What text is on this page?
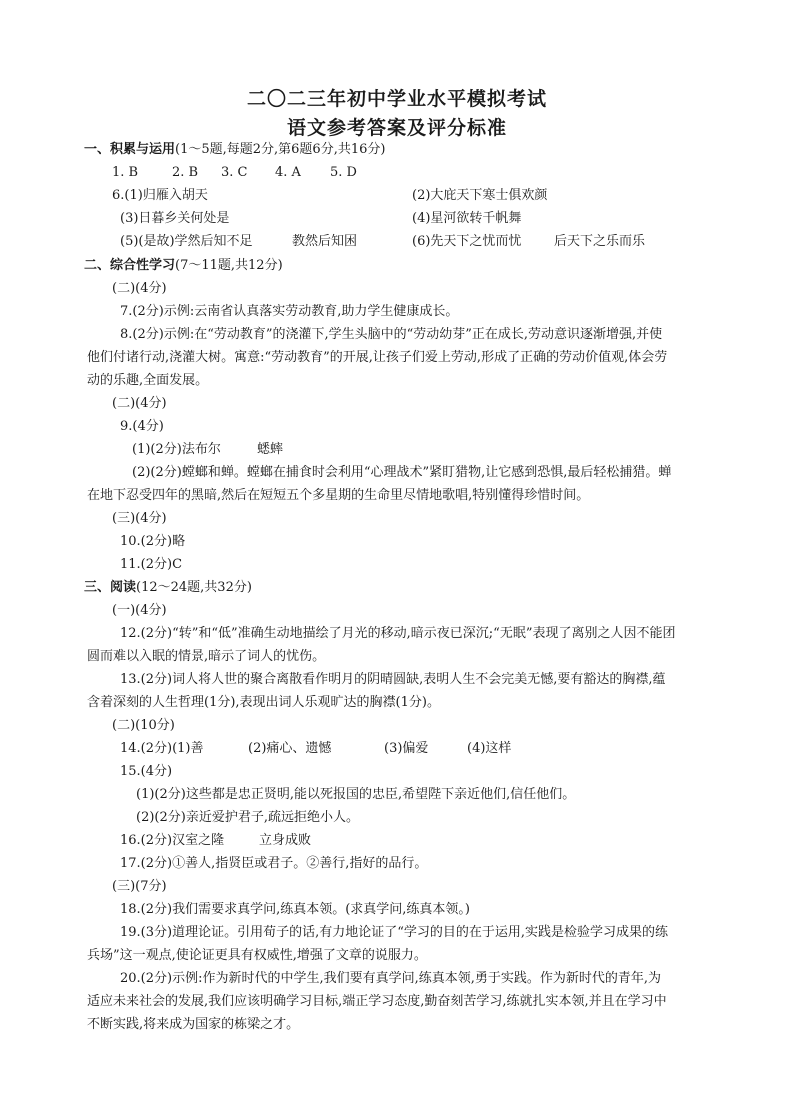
二〇二三年初中学业水平模拟考试
语文参考答案及评分标准
一、积累与运用(1～5题,每题2分,第6题6分,共16分)
1. B	2. B 3. C 4. A 5. D
6.(1)归雁入胡天	(2)大庇天下寒士俱欢颜
(3)日暮乡关何处是	(4)星河欲转千帆舞
(5)(是故)学然后知不足	教然后知困	(6)先天下之忧而忧	后天下之乐而乐
二、综合性学习(7～11题,共12分)
(二)(4分)
7.(2分)示例:云南省认真落实劳动教育,助力学生健康成长。
8.(2分)示例:在“劳动教育”的浇灌下,学生头脑中的“劳动幼芽”正在成长,劳动意识逐渐增强,并使
他们付诸行动,浇灌大树。寓意:“劳动教育”的开展,让孩子们爱上劳动,形成了正确的劳动价值观,体会劳
动的乐趣,全面发展。
(二)(4分)
9.(4分)
(1)(2分)法布尔	蟋蟀
(2)(2分)螳螂和蝉。螳螂在捕食时会利用“心理战术”紧盯猎物,让它感到恐惧,最后轻松捕猎。蝉
在地下忍受四年的黑暗,然后在短短五个多星期的生命里尽情地歌唱,特别懂得珍惜时间。
(三)(4分)
10.(2分)略
11.(2分)C
三、阅读(12～24题,共32分)
(一)(4分)
12.(2分)“转”和“低”准确生动地描绘了月光的移动,暗示夜已深沉;“无眠”表现了离别之人因不能团
圆而难以入眠的情景,暗示了词人的忧伤。
13.(2分)词人将人世的聚合离散看作明月的阴晴圆缺,表明人生不会完美无憾,要有豁达的胸襟,蕴
含着深刻的人生哲理(1分),表现出词人乐观旷达的胸襟(1分)。
(二)(10分)
14.(2分)(1)善	(2)痛心、遗憾	(3)偏爱	(4)这样
15.(4分)
(1)(2分)这些都是忠正贤明,能以死报国的忠臣,希望陛下亲近他们,信任他们。
(2)(2分)亲近爱护君子,疏远拒绝小人。
16.(2分)汉室之隆	立身成败
17.(2分)①善人,指贤臣或君子。②善行,指好的品行。
(三)(7分)
18.(2分)我们需要求真学问,练真本领。(求真学问,练真本领。)
19.(3分)道理论证。引用荀子的话,有力地论证了“学习的目的在于运用,实践是检验学习成果的练
兵场”这一观点,使论证更具有权威性,增强了文章的说服力。
20.(2分)示例:作为新时代的中学生,我们要有真学问,练真本领,勇于实践。作为新时代的青年,为
适应未来社会的发展,我们应该明确学习目标,端正学习态度,勤奋刻苦学习,练就扎实本领,并且在学习中
不断实践,将来成为国家的栋梁之才。
